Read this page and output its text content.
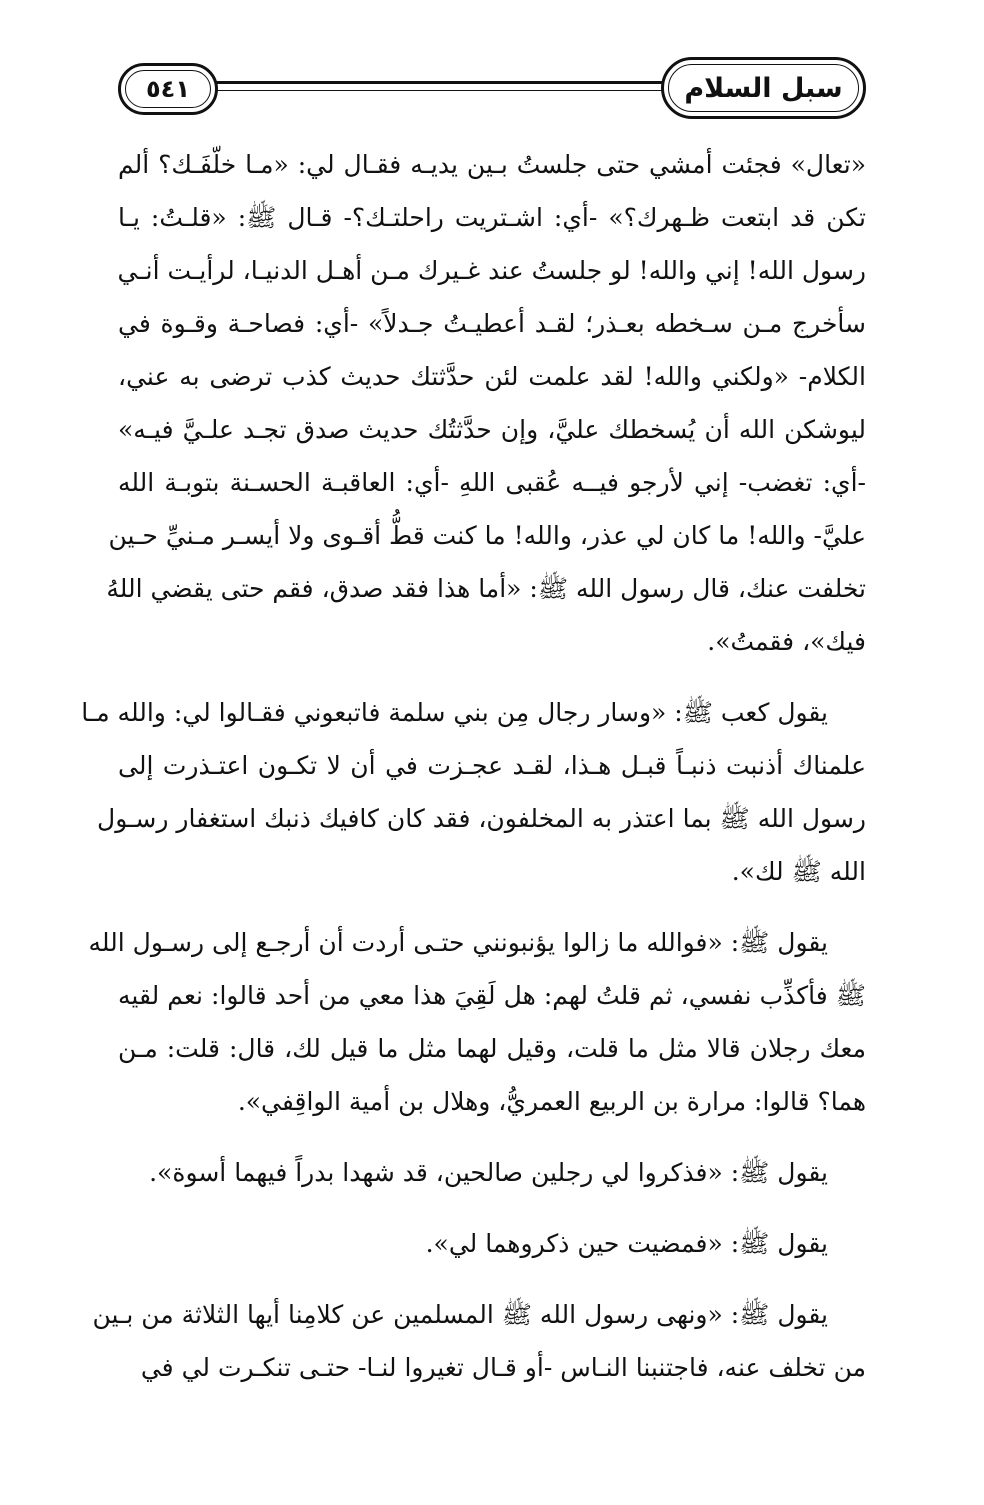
سبل السلام
٥٤١

«تعال» فجئت أمشي حتى جلستُ بـين يديـه فقـال لي: «مـا خلّفَـك؟ ألم
تكن قد ابتعت ظـهرك؟» -أي: اشـتريت راحلتـك؟- قـال ﷺ: «قلـتُ: يـا
رسول الله! إني والله! لو جلستُ عند غـيرك مـن أهـل الدنيـا، لرأيـت أنـي
سأخرج مـن سـخطه بعـذر؛ لقـد أعطيـتُ جـدلاً» -أي: فصاحـة وقـوة في
الكلام- «ولكني والله! لقد علمت لئن حدَّثتك حديث كذب ترضى به عني،
ليوشكن الله أن يُسخطك عليَّ، وإن حدَّثتُك حديث صدق تجـد علـيَّ فيـه»
-أي: تغضب- إني لأرجو فيــه عُقبى اللهِ -أي: العاقبـة الحسـنة بتوبـة الله
عليَّ- والله! ما كان لي عذر، والله! ما كنت قطُّ أقـوى ولا أيسـر مـنيِّ حـين
تخلفت عنك، قال رسول الله ﷺ: «أما هذا فقد صدق، فقم حتى يقضي اللهُ
فيك»، فقمتُ».

يقول كعب ﷺ: «وسار رجال مِن بني سلمة فاتبعوني فقـالوا لي: والله مـا
علمناك أذنبت ذنبـاً قبـل هـذا، لقـد عجـزت في أن لا تكـون اعتـذرت إلى
رسول الله ﷺ بما اعتذر به المخلفون، فقد كان كافيك ذنبك استغفار رسـول
الله ﷺ لك».

يقول ﷺ: «فوالله ما زالوا يؤنبونني حتـى أردت أن أرجـع إلى رسـول الله
ﷺ فأكذِّب نفسي، ثم قلتُ لهم: هل لَقِيَ هذا معي من أحد قالوا: نعم لقيه
معك رجلان قالا مثل ما قلت، وقيل لهما مثل ما قيل لك، قال: قلت: مـن
هما؟ قالوا: مرارة بن الربيع العمريُّ، وهلال بن أمية الواقِفي».

يقول ﷺ: «فذكروا لي رجلين صالحين، قد شهدا بدراً فيهما أسوة».

يقول ﷺ: «فمضيت حين ذكروهما لي».

يقول ﷺ: «ونهى رسول الله ﷺ المسلمين عن كلامِنا أيها الثلاثة من بـين
من تخلف عنه، فاجتنبنا النـاس -أو قـال تغيروا لنـا- حتـى تنكـرت لي في
